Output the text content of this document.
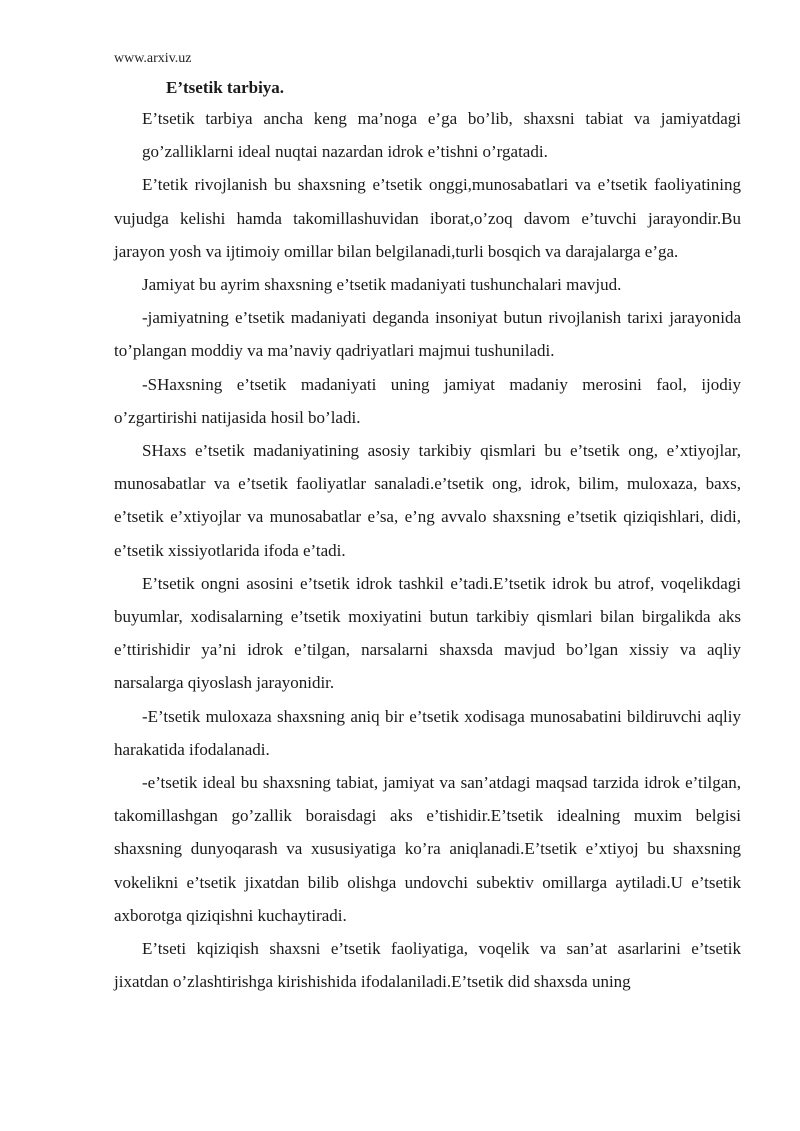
www.arxiv.uz
E’tsetik tarbiya.

E’tsetik tarbiya ancha keng ma’noga e’ga bo’lib, shaxsni tabiat va jamiyatdagi go’zalliklarni ideal nuqtai nazardan idrok e’tishni o’rgatadi.

E’tetik rivojlanish bu shaxsning e’tsetik onggi,munosabatlari va e’tsetik faoliyatining vujudga kelishi hamda takomillashuvidan iborat,o’zoq davom e’tuvchi jarayondir.Bu jarayon yosh va ijtimoiy omillar bilan belgilanadi,turli bosqich va darajalarga e’ga.

Jamiyat bu ayrim shaxsning e’tsetik madaniyati tushunchalari mavjud.

-jamiyatning e’tsetik madaniyati deganda insoniyat butun rivojlanish tarixi jarayonida to’plangan moddiy va ma’naviy qadriyatlari majmui tushuniladi.

-SHaxsning e’tsetik madaniyati uning jamiyat madaniy merosini faol, ijodiy o’zgartirishi natijasida hosil bo’ladi.

SHaxs e’tsetik madaniyatining asosiy tarkibiy qismlari bu e’tsetik ong, e’xtiyojlar, munosabatlar va e’tsetik faoliyatlar sanaladi.e’tsetik ong, idrok, bilim, muloxaza, baxs, e’tsetik e’xtiyojlar va munosabatlar e’sa, e’ng avvalo shaxsning e’tsetik qiziqishlari, didi, e’tsetik xissiyotlarida ifoda e’tadi.

E’tsetik ongni asosini e’tsetik idrok tashkil e’tadi.E’tsetik idrok bu atrof, voqelikdagi buyumlar, xodisalarning e’tsetik moxiyatini butun tarkibiy qismlari bilan birgalikda aks e’ttirishidir ya’ni idrok e’tilgan, narsalarni shaxsda mavjud bo’lgan xissiy va aqliy narsalarga qiyoslash jarayonidir.

-E’tsetik muloxaza shaxsning aniq bir e’tsetik xodisaga munosabatini bildiruvchi aqliy harakatida ifodalanadi.

-e’tsetik ideal bu shaxsning tabiat, jamiyat va san’atdagi maqsad tarzida idrok e’tilgan, takomillashgan go’zallik boraisdagi aks e’tishidir.E’tsetik idealning muxim belgisi shaxsning dunyoqarash va xususiyatiga ko’ra aniqlanadi.E’tsetik e’xtiyoj bu shaxsning vokelikni e’tsetik jixatdan bilib olishga undovchi subektiv omillarga aytiladi.U e’tsetik axborotga qiziqishni kuchaytiradi.

E’tseti kqiziqish shaxsni e’tsetik faoliyatiga, voqelik va san’at asarlarini e’tsetik jixatdan o’zlashtirishga kirishishida ifodalaniladi.E’tsetik did shaxsda uning
